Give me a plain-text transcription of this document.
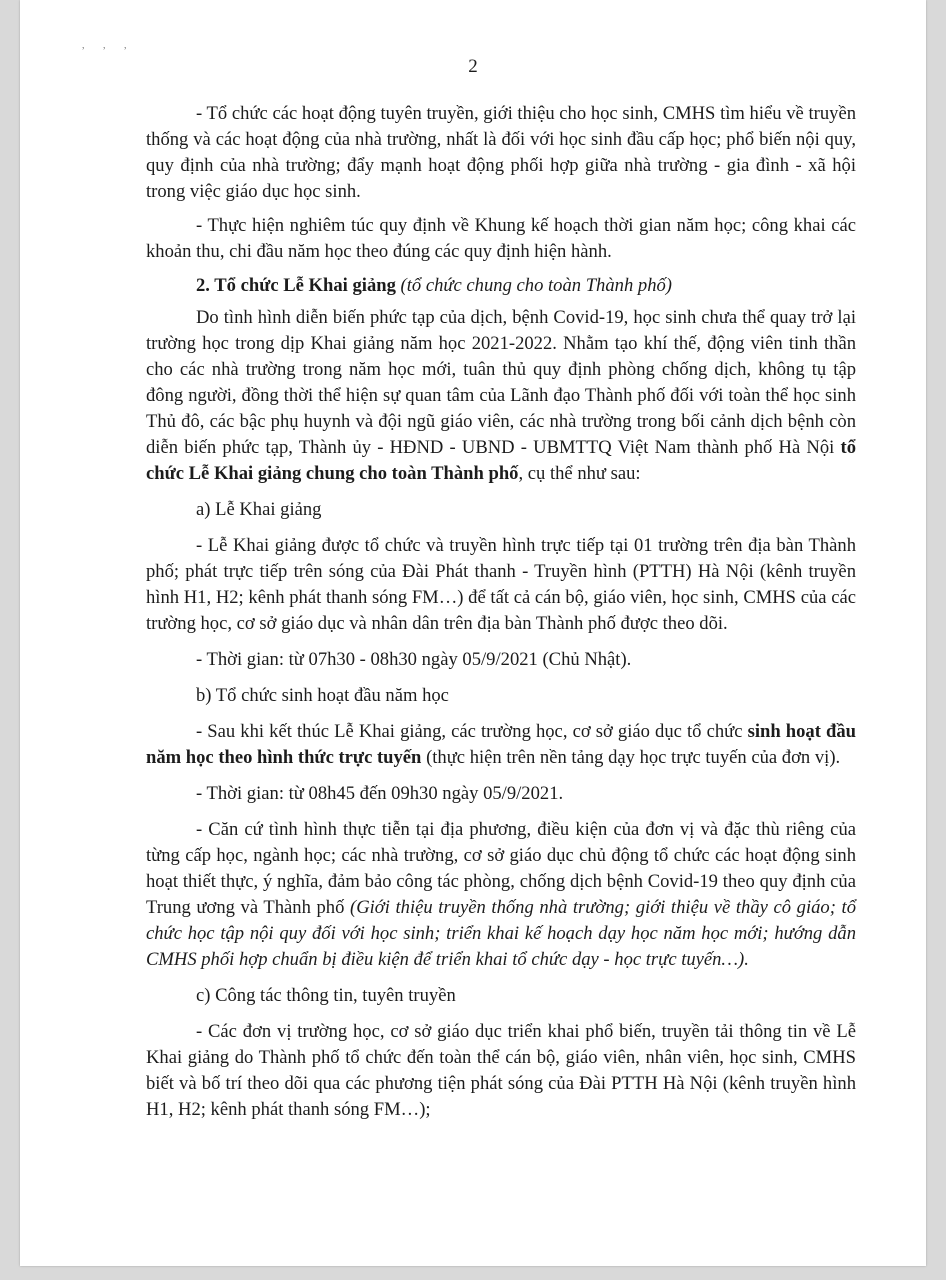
, , ,
2

- Tổ chức các hoạt động tuyên truyền, giới thiệu cho học sinh, CMHS tìm hiểu về truyền thống và các hoạt động của nhà trường, nhất là đối với học sinh đầu cấp học; phổ biến nội quy, quy định của nhà trường; đẩy mạnh hoạt động phối hợp giữa nhà trường - gia đình - xã hội trong việc giáo dục học sinh.

- Thực hiện nghiêm túc quy định về Khung kế hoạch thời gian năm học; công khai các khoản thu, chi đầu năm học theo đúng các quy định hiện hành.

2. Tổ chức Lễ Khai giảng (tổ chức chung cho toàn Thành phố)

Do tình hình diễn biến phức tạp của dịch, bệnh Covid-19, học sinh chưa thể quay trở lại trường học trong dịp Khai giảng năm học 2021-2022. Nhằm tạo khí thế, động viên tinh thần cho các nhà trường trong năm học mới, tuân thủ quy định phòng chống dịch, không tụ tập đông người, đồng thời thể hiện sự quan tâm của Lãnh đạo Thành phố đối với toàn thể học sinh Thủ đô, các bậc phụ huynh và đội ngũ giáo viên, các nhà trường trong bối cảnh dịch bệnh còn diễn biến phức tạp, Thành ủy - HĐND - UBND - UBMTTQ Việt Nam thành phố Hà Nội tổ chức Lễ Khai giảng chung cho toàn Thành phố, cụ thể như sau:

a) Lễ Khai giảng

- Lễ Khai giảng được tổ chức và truyền hình trực tiếp tại 01 trường trên địa bàn Thành phố; phát trực tiếp trên sóng của Đài Phát thanh - Truyền hình (PTTH) Hà Nội (kênh truyền hình H1, H2; kênh phát thanh sóng FM…) để tất cả cán bộ, giáo viên, học sinh, CMHS của các trường học, cơ sở giáo dục và nhân dân trên địa bàn Thành phố được theo dõi.

- Thời gian: từ 07h30 - 08h30 ngày 05/9/2021 (Chủ Nhật).

b) Tổ chức sinh hoạt đầu năm học

- Sau khi kết thúc Lễ Khai giảng, các trường học, cơ sở giáo dục tổ chức sinh hoạt đầu năm học theo hình thức trực tuyến (thực hiện trên nền tảng dạy học trực tuyến của đơn vị).

- Thời gian: từ 08h45 đến 09h30 ngày 05/9/2021.

- Căn cứ tình hình thực tiễn tại địa phương, điều kiện của đơn vị và đặc thù riêng của từng cấp học, ngành học; các nhà trường, cơ sở giáo dục chủ động tổ chức các hoạt động sinh hoạt thiết thực, ý nghĩa, đảm bảo công tác phòng, chống dịch bệnh Covid-19 theo quy định của Trung ương và Thành phố (Giới thiệu truyền thống nhà trường; giới thiệu về thầy cô giáo; tổ chức học tập nội quy đối với học sinh; triển khai kế hoạch dạy học năm học mới; hướng dẫn CMHS phối hợp chuẩn bị điều kiện để triển khai tổ chức dạy - học trực tuyến…).

c) Công tác thông tin, tuyên truyền

- Các đơn vị trường học, cơ sở giáo dục triển khai phổ biến, truyền tải thông tin về Lễ Khai giảng do Thành phố tổ chức đến toàn thể cán bộ, giáo viên, nhân viên, học sinh, CMHS biết và bố trí theo dõi qua các phương tiện phát sóng của Đài PTTH Hà Nội (kênh truyền hình H1, H2; kênh phát thanh sóng FM…);
